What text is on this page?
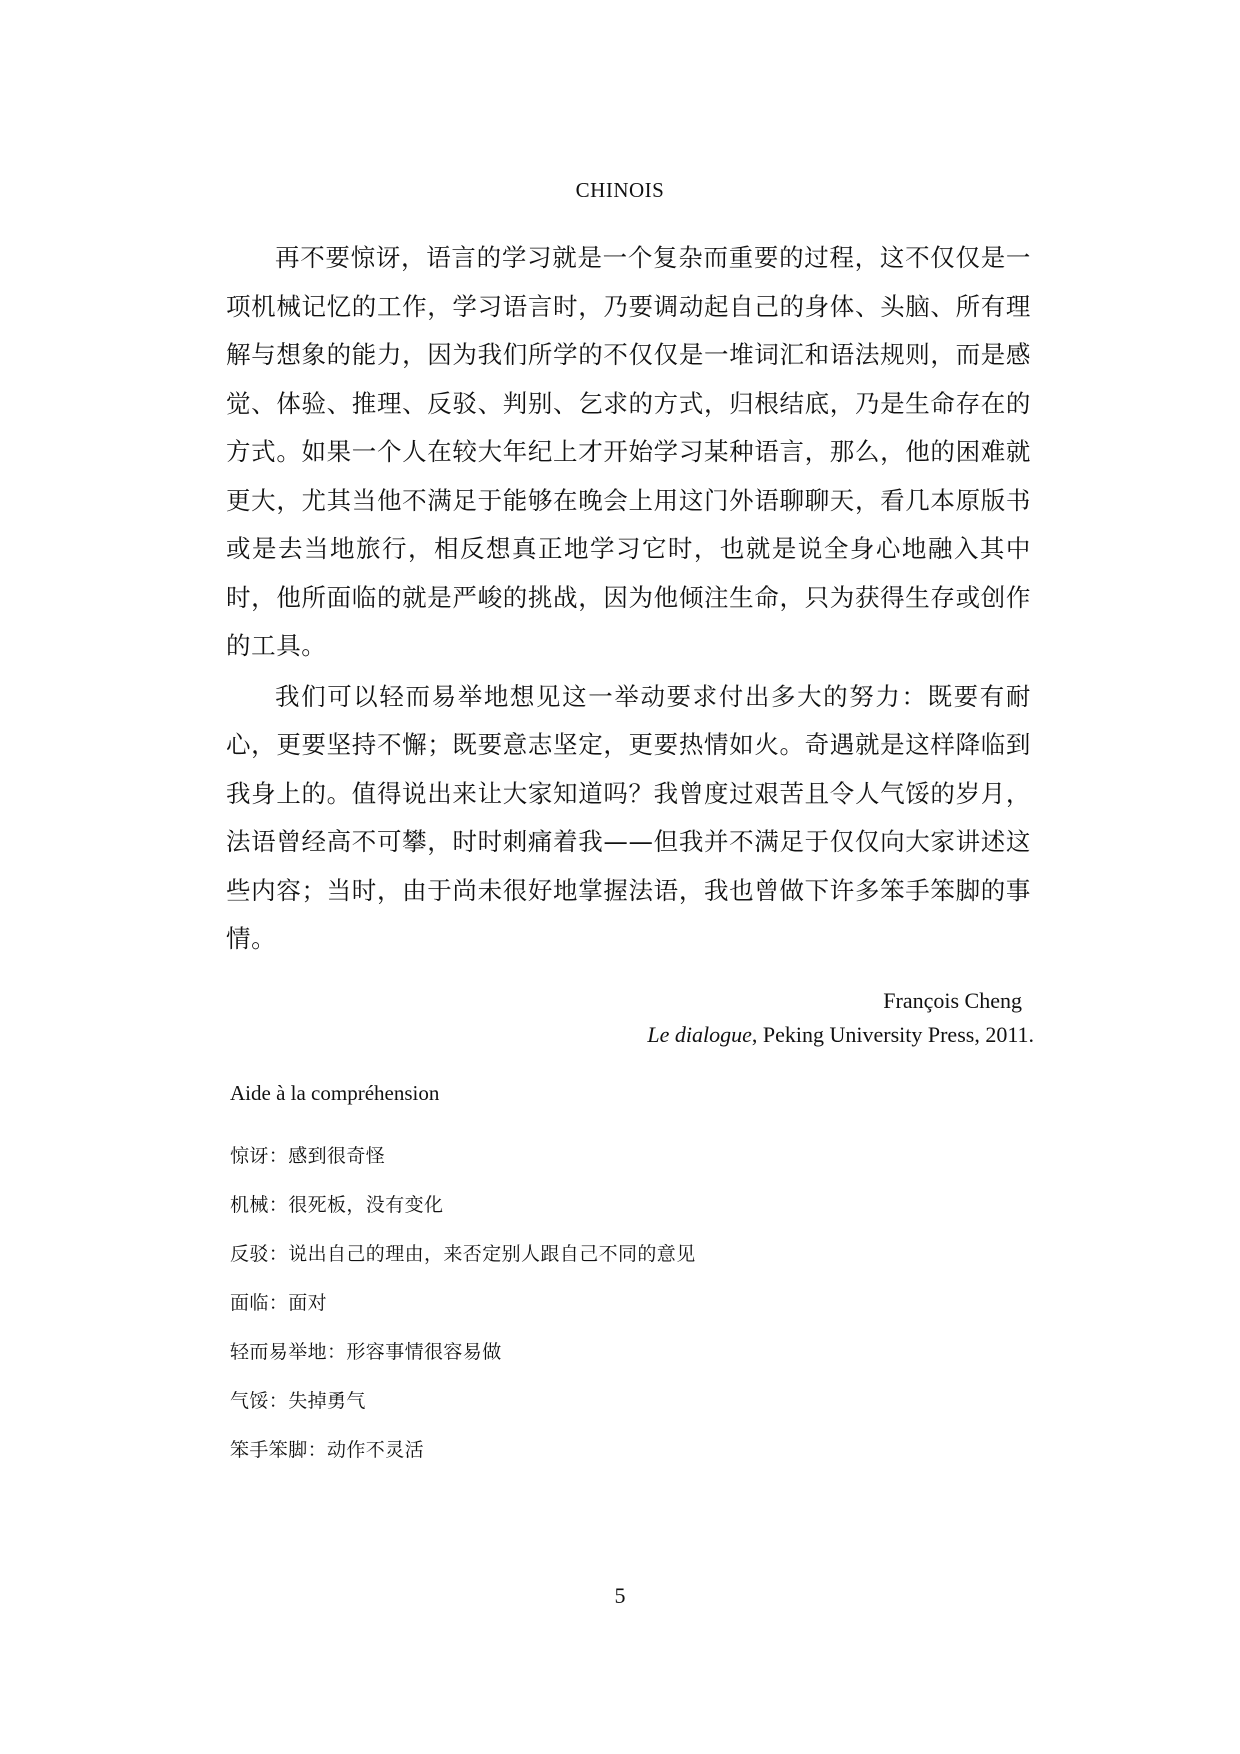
CHINOIS

再不要惊讶，语言的学习就是一个复杂而重要的过程，这不仅仅是一项机械记忆的工作，学习语言时，乃要调动起自己的身体、头脑、所有理解与想象的能力，因为我们所学的不仅仅是一堆词汇和语法规则，而是感觉、体验、推理、反驳、判别、乞求的方式，归根结底，乃是生命存在的方式。如果一个人在较大年纪上才开始学习某种语言，那么，他的困难就更大，尤其当他不满足于能够在晚会上用这门外语聊聊天，看几本原版书或是去当地旅行，相反想真正地学习它时，也就是说全身心地融入其中时，他所面临的就是严峻的挑战，因为他倾注生命，只为获得生存或创作的工具。

我们可以轻而易举地想见这一举动要求付出多大的努力：既要有耐心，更要坚持不懈；既要意志坚定，更要热情如火。奇遇就是这样降临到我身上的。值得说出来让大家知道吗？我曾度过艰苦且令人气馁的岁月，法语曾经高不可攀，时时刺痛着我——但我并不满足于仅仅向大家讲述这些内容；当时，由于尚未很好地掌握法语，我也曾做下许多笨手笨脚的事情。

François Cheng
Le dialogue, Peking University Press, 2011.
Aide à la compréhension
惊讶：感到很奇怪
机械：很死板，没有变化
反驳：说出自己的理由，来否定别人跟自己不同的意见
面临：面对
轻而易举地：形容事情很容易做
气馁：失掉勇气
笨手笨脚：动作不灵活
5
